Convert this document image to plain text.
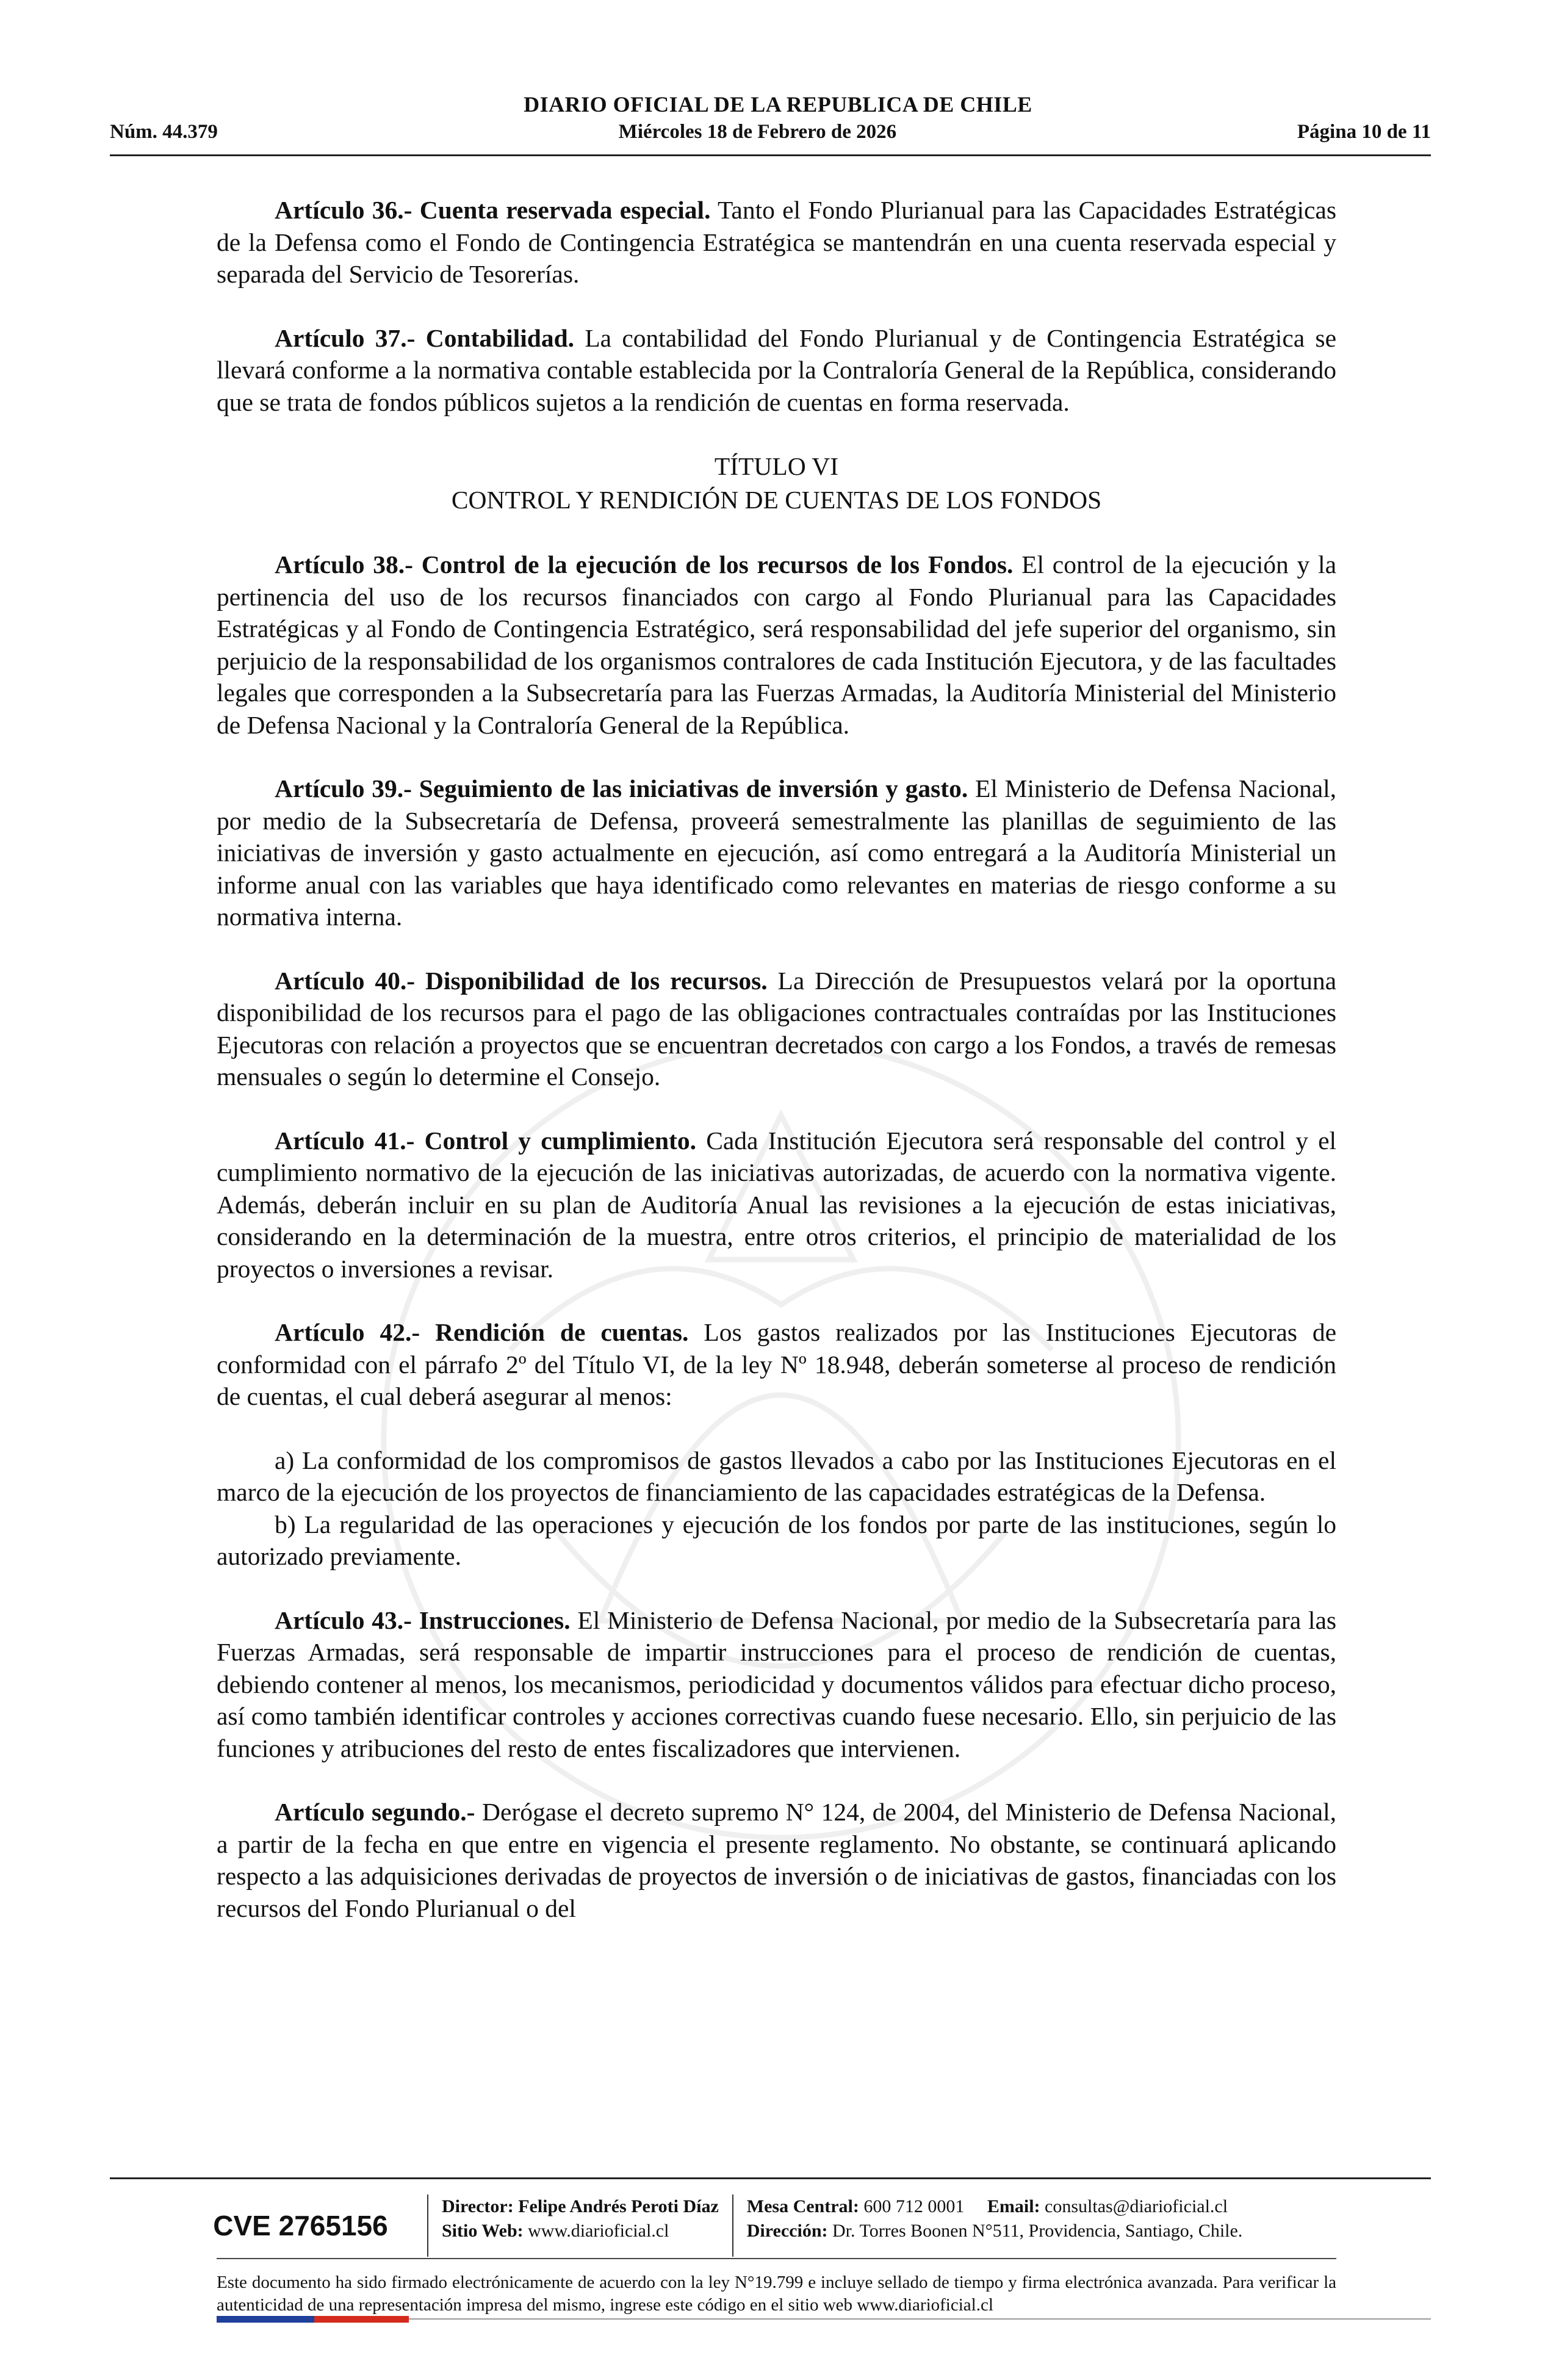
DIARIO OFICIAL DE LA REPUBLICA DE CHILE
Núm. 44.379	Miércoles 18 de Febrero de 2026	Página 10 de 11

Artículo 36.- Cuenta reservada especial. Tanto el Fondo Plurianual para las Capacidades Estratégicas de la Defensa como el Fondo de Contingencia Estratégica se mantendrán en una cuenta reservada especial y separada del Servicio de Tesorerías.

Artículo 37.- Contabilidad. La contabilidad del Fondo Plurianual y de Contingencia Estratégica se llevará conforme a la normativa contable establecida por la Contraloría General de la República, considerando que se trata de fondos públicos sujetos a la rendición de cuentas en forma reservada.

TÍTULO VI
CONTROL Y RENDICIÓN DE CUENTAS DE LOS FONDOS

Artículo 38.- Control de la ejecución de los recursos de los Fondos. El control de la ejecución y la pertinencia del uso de los recursos financiados con cargo al Fondo Plurianual para las Capacidades Estratégicas y al Fondo de Contingencia Estratégico, será responsabilidad del jefe superior del organismo, sin perjuicio de la responsabilidad de los organismos contralores de cada Institución Ejecutora, y de las facultades legales que corresponden a la Subsecretaría para las Fuerzas Armadas, la Auditoría Ministerial del Ministerio de Defensa Nacional y la Contraloría General de la República.

Artículo 39.- Seguimiento de las iniciativas de inversión y gasto. El Ministerio de Defensa Nacional, por medio de la Subsecretaría de Defensa, proveerá semestralmente las planillas de seguimiento de las iniciativas de inversión y gasto actualmente en ejecución, así como entregará a la Auditoría Ministerial un informe anual con las variables que haya identificado como relevantes en materias de riesgo conforme a su normativa interna.

Artículo 40.- Disponibilidad de los recursos. La Dirección de Presupuestos velará por la oportuna disponibilidad de los recursos para el pago de las obligaciones contractuales contraídas por las Instituciones Ejecutoras con relación a proyectos que se encuentran decretados con cargo a los Fondos, a través de remesas mensuales o según lo determine el Consejo.

Artículo 41.- Control y cumplimiento. Cada Institución Ejecutora será responsable del control y el cumplimiento normativo de la ejecución de las iniciativas autorizadas, de acuerdo con la normativa vigente. Además, deberán incluir en su plan de Auditoría Anual las revisiones a la ejecución de estas iniciativas, considerando en la determinación de la muestra, entre otros criterios, el principio de materialidad de los proyectos o inversiones a revisar.

Artículo 42.- Rendición de cuentas. Los gastos realizados por las Instituciones Ejecutoras de conformidad con el párrafo 2º del Título VI, de la ley Nº 18.948, deberán someterse al proceso de rendición de cuentas, el cual deberá asegurar al menos:

a) La conformidad de los compromisos de gastos llevados a cabo por las Instituciones Ejecutoras en el marco de la ejecución de los proyectos de financiamiento de las capacidades estratégicas de la Defensa.

b) La regularidad de las operaciones y ejecución de los fondos por parte de las instituciones, según lo autorizado previamente.

Artículo 43.- Instrucciones. El Ministerio de Defensa Nacional, por medio de la Subsecretaría para las Fuerzas Armadas, será responsable de impartir instrucciones para el proceso de rendición de cuentas, debiendo contener al menos, los mecanismos, periodicidad y documentos válidos para efectuar dicho proceso, así como también identificar controles y acciones correctivas cuando fuese necesario. Ello, sin perjuicio de las funciones y atribuciones del resto de entes fiscalizadores que intervienen.

Artículo segundo.- Derógase el decreto supremo N° 124, de 2004, del Ministerio de Defensa Nacional, a partir de la fecha en que entre en vigencia el presente reglamento. No obstante, se continuará aplicando respecto a las adquisiciones derivadas de proyectos de inversión o de iniciativas de gastos, financiadas con los recursos del Fondo Plurianual o del

CVE 2765156
Director: Felipe Andrés Peroti Díaz
Sitio Web: www.diarioficial.cl
Mesa Central: 600 712 0001 Email: consultas@diarioficial.cl
Dirección: Dr. Torres Boonen N°511, Providencia, Santiago, Chile.
Este documento ha sido firmado electrónicamente de acuerdo con la ley N°19.799 e incluye sellado de tiempo y firma electrónica avanzada. Para verificar la autenticidad de una representación impresa del mismo, ingrese este código en el sitio web www.diarioficial.cl
